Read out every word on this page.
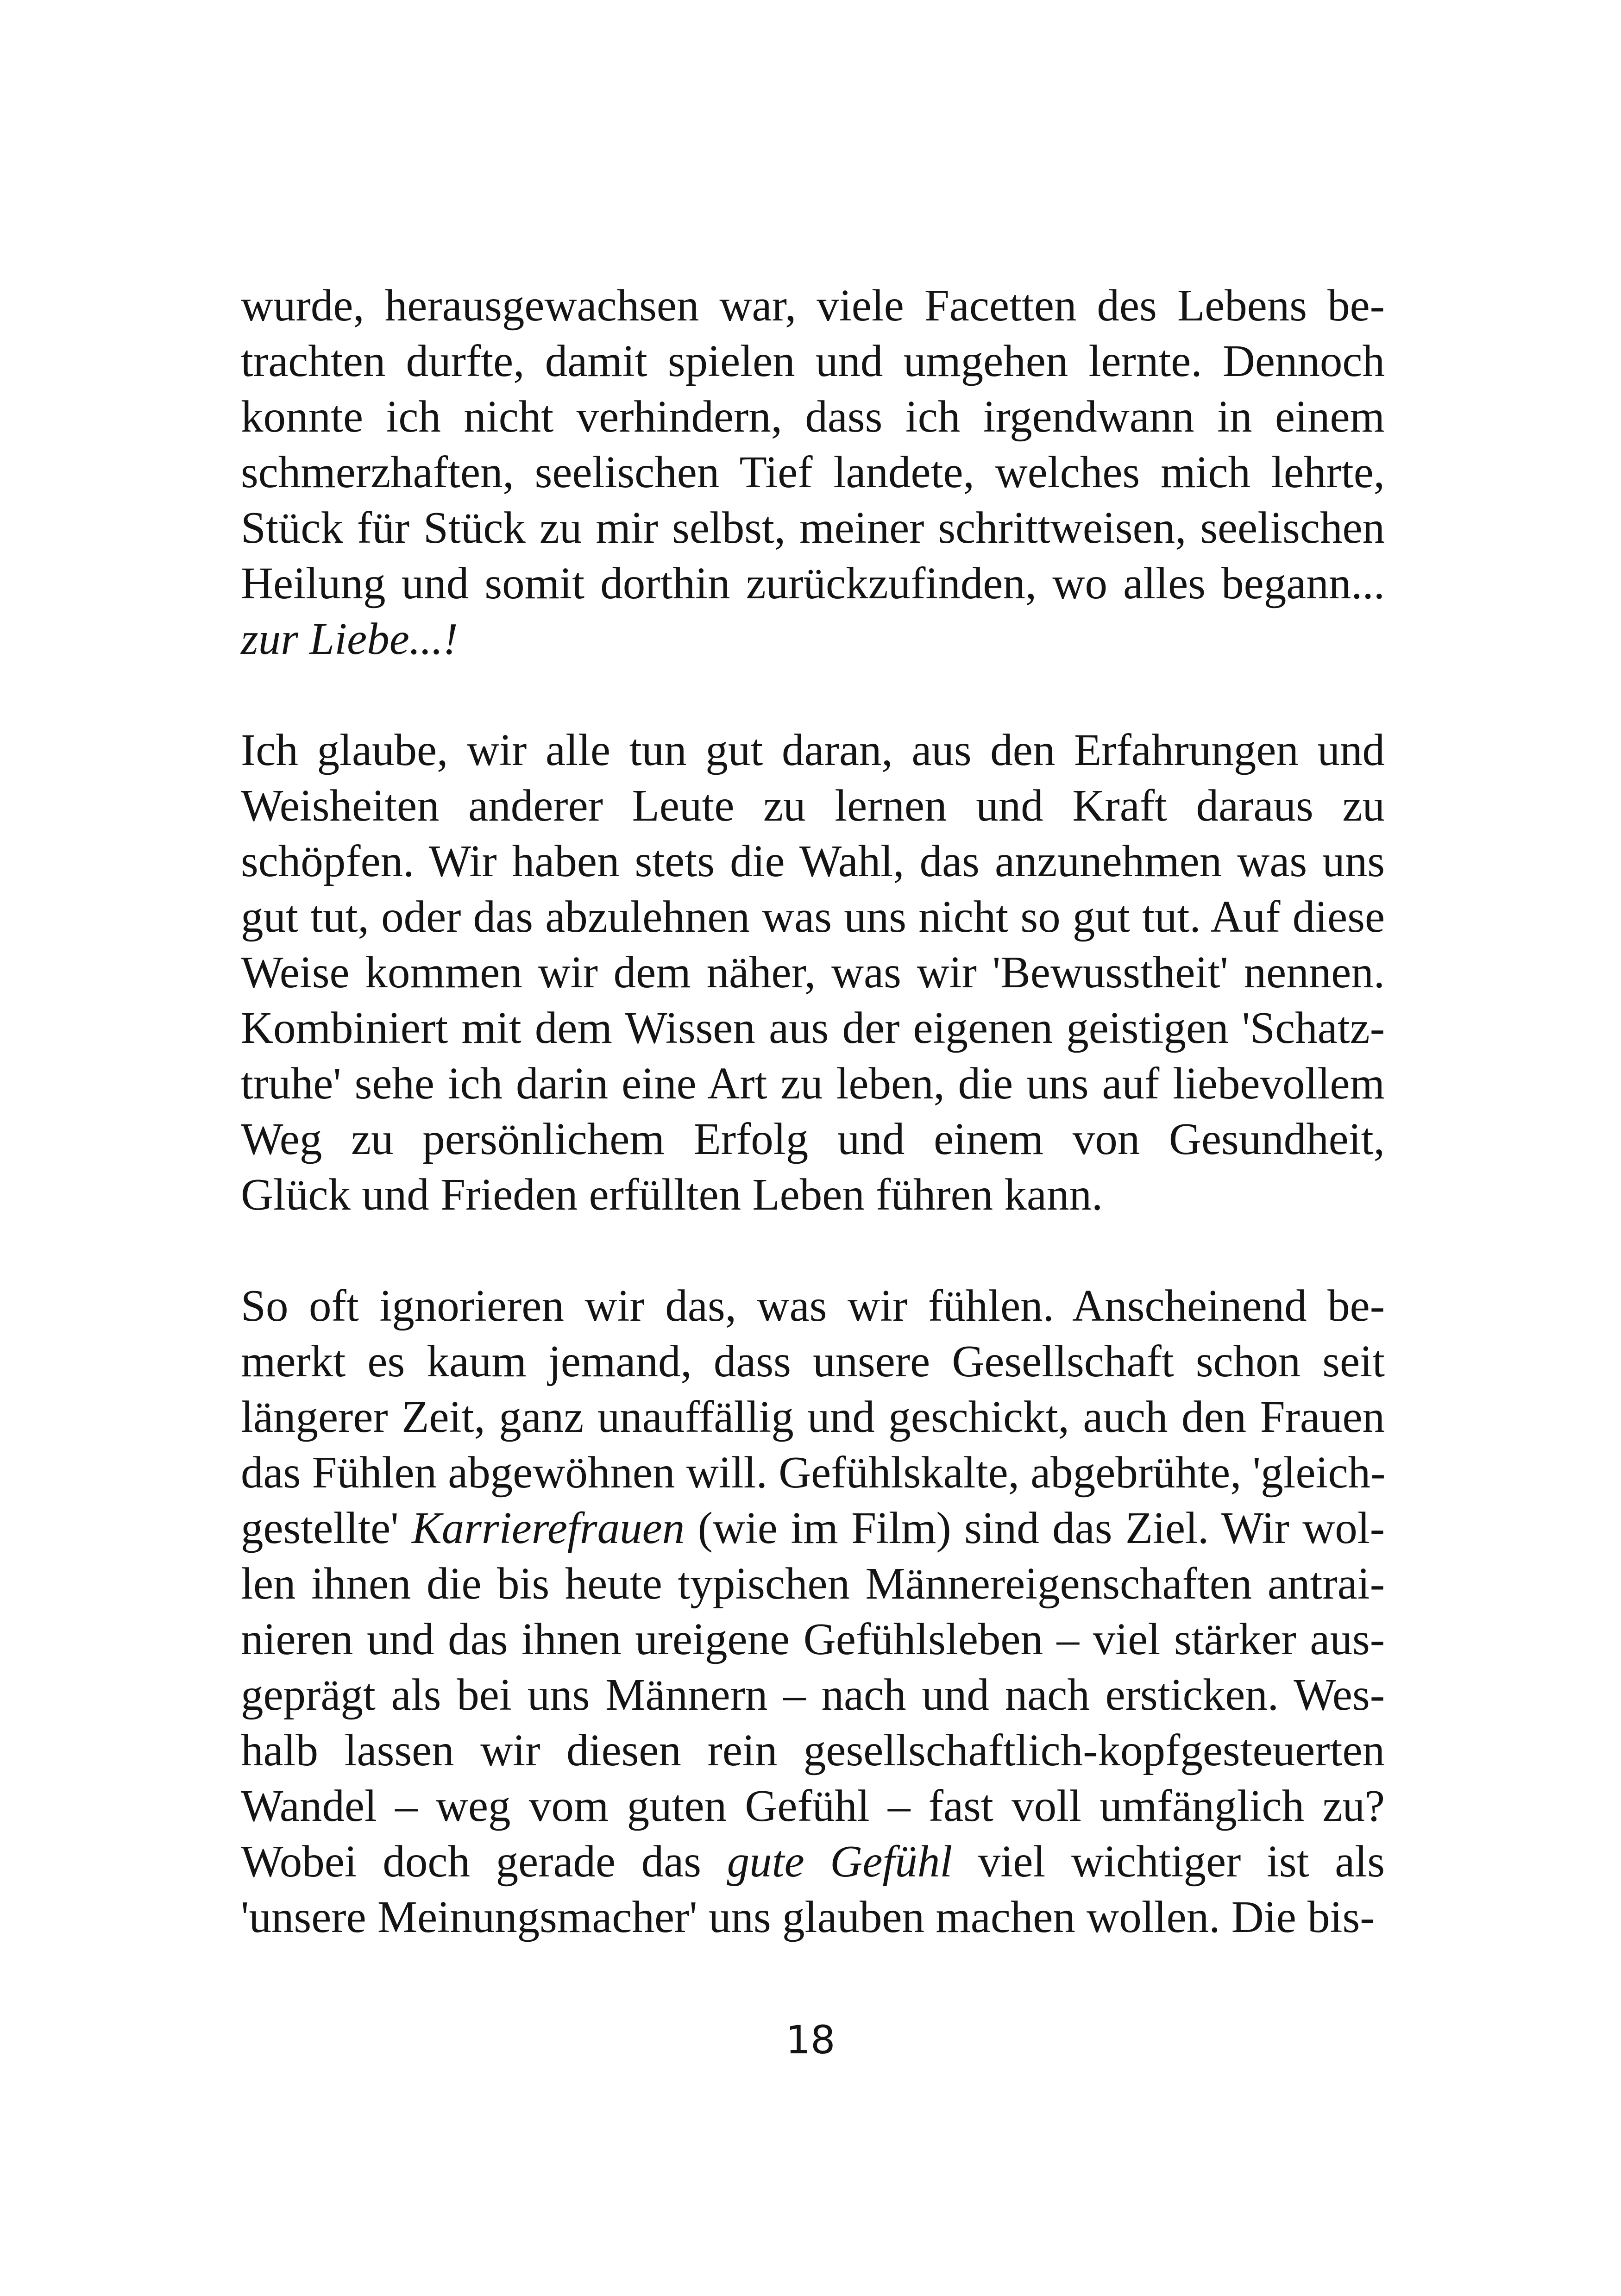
wurde, herausgewachsen war, viele Facetten des Lebens be-
trachten durfte, damit spielen und umgehen lernte. Dennoch
konnte ich nicht verhindern, dass ich irgendwann in einem
schmerzhaften, seelischen Tief landete, welches mich lehrte,
Stück für Stück zu mir selbst, meiner schrittweisen, seelischen
Heilung und somit dorthin zurückzufinden, wo alles begann...
zur Liebe...!
Ich glaube, wir alle tun gut daran, aus den Erfahrungen und
Weisheiten anderer Leute zu lernen und Kraft daraus zu
schöpfen. Wir haben stets die Wahl, das anzunehmen was uns
gut tut, oder das abzulehnen was uns nicht so gut tut. Auf diese
Weise kommen wir dem näher, was wir 'Bewusstheit' nennen.
Kombiniert mit dem Wissen aus der eigenen geistigen 'Schatz-
truhe' sehe ich darin eine Art zu leben, die uns auf liebevollem
Weg zu persönlichem Erfolg und einem von Gesundheit,
Glück und Frieden erfüllten Leben führen kann.
So oft ignorieren wir das, was wir fühlen. Anscheinend be-
merkt es kaum jemand, dass unsere Gesellschaft schon seit
längerer Zeit, ganz unauffällig und geschickt, auch den Frauen
das Fühlen abgewöhnen will. Gefühlskalte, abgebrühte, 'gleich-
gestellte' Karrierefrauen (wie im Film) sind das Ziel. Wir wol-
len ihnen die bis heute typischen Männereigenschaften antrai-
nieren und das ihnen ureigene Gefühlsleben – viel stärker aus-
geprägt als bei uns Männern – nach und nach ersticken. Wes-
halb lassen wir diesen rein gesellschaftlich-kopfgesteuerten
Wandel – weg vom guten Gefühl – fast voll umfänglich zu?
Wobei doch gerade das gute Gefühl viel wichtiger ist als
'unsere Meinungsmacher' uns glauben machen wollen. Die bis-
18
